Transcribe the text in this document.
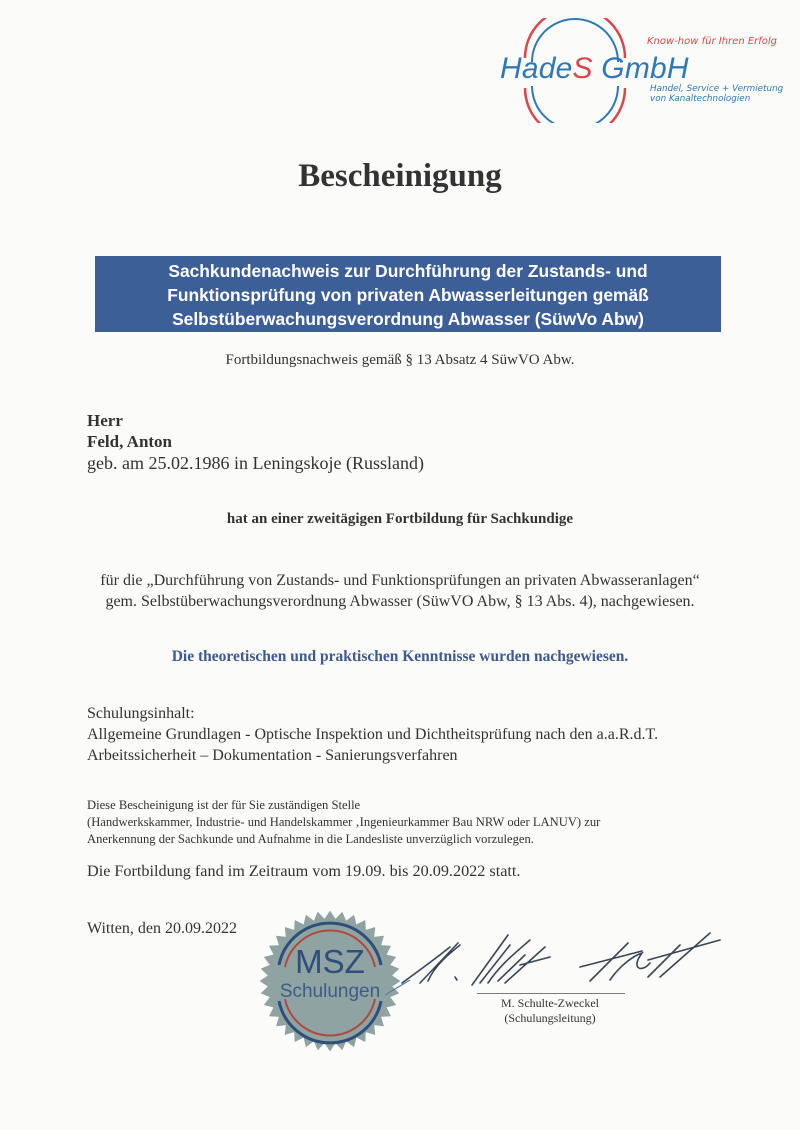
Know-how für Ihren Erfolg
HadeS GmbH
Handel, Service + Vermietung
von Kanaltechnologien
Bescheinigung
Sachkundenachweis zur Durchführung der Zustands- und
Funktionsprüfung von privaten Abwasserleitungen gemäß
Selbstüberwachungsverordnung Abwasser (SüwVo Abw)
Fortbildungsnachweis gemäß § 13 Absatz 4 SüwVO Abw.
Herr
Feld, Anton
geb. am 25.02.1986 in Leningskoje (Russland)
hat an einer zweitägigen Fortbildung für Sachkundige
für die „Durchführung von Zustands- und Funktionsprüfungen an privaten Abwasseranlagen“
gem. Selbstüberwachungsverordnung Abwasser (SüwVO Abw, § 13 Abs. 4), nachgewiesen.
Die theoretischen und praktischen Kenntnisse wurden nachgewiesen.
Schulungsinhalt:
Allgemeine Grundlagen - Optische Inspektion und Dichtheitsprüfung nach den a.a.R.d.T.
Arbeitssicherheit – Dokumentation - Sanierungsverfahren
Diese Bescheinigung ist der für Sie zuständigen Stelle
(Handwerkskammer, Industrie- und Handelskammer ‚Ingenieurkammer Bau NRW oder LANUV) zur
Anerkennung der Sachkunde und Aufnahme in die Landesliste unverzüglich vorzulegen.
Die Fortbildung fand im Zeitraum vom 19.09. bis 20.09.2022 statt.
Witten, den 20.09.2022
MSZ
Schulungen
M. Schulte-Zweckel
(Schulungsleitung)
